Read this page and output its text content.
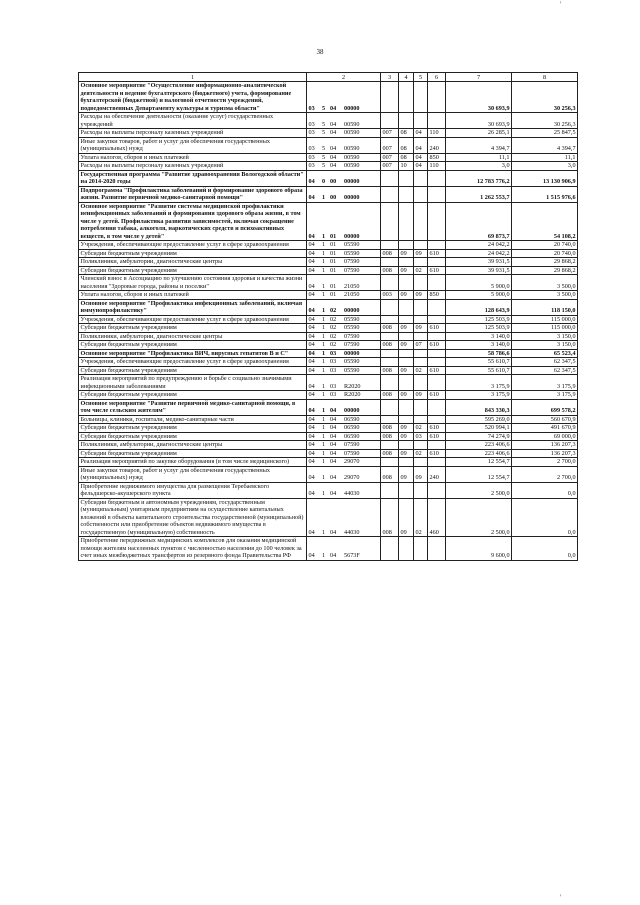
'
38
1	2				3	4	5	6	7	8
Основное мероприятие "Осуществление информационно-аналитической деятельности и ведение бухгалтерского (бюджетного) учета, формирование бухгалтерской (бюджетной) и налоговой отчетности учреждений, подведомственных Департаменту культуры и туризма области"	03	5	04	00000					30 693,9	30 256,3
Расходы на обеспечение деятельности (оказание услуг) государственных учреждений	03	5	04	00590					30 693,9	30 256,3
Расходы на выплаты персоналу казенных учреждений	03	5	04	00590	007	08	04	110	26 285,1	25 847,5
Иные закупки товаров, работ и услуг для обеспечения государственных (муниципальных) нужд	03	5	04	00590	007	08	04	240	4 394,7	4 394,7
Уплата налогов, сборов и иных платежей	03	5	04	00590	007	08	04	850	11,1	11,1
Расходы на выплаты персоналу казенных учреждений	03	5	04	00590	007	10	04	110	3,0	3,0
Государственная программа "Развитие здравоохранения Вологодской области" на 2014-2020 годы	04	0	00	00000					12 783 776,2	13 130 906,9
Подпрограмма "Профилактика заболеваний и формирование здорового образа жизни. Развитие первичной медико-санитарной помощи"	04	1	00	00000					1 262 553,7	1 515 976,6
Основное мероприятие "Развитие системы медицинской профилактики неинфекционных заболеваний и формирования здорового образа жизни, в том числе у детей. Профилактика развития зависимостей, включая сокращение потребления табака, алкоголя, наркотических средств и психоактивных веществ, в том числе у детей"	04	1	01	00000					69 873,7	54 108,2
Учреждения, обеспечивающие предоставление услуг в сфере здравоохранения	04	1	01	05590					24 042,2	20 740,0
Субсидии бюджетным учреждениям	04	1	01	05590	008	09	09	610	24 042,2	20 740,0
Поликлиники, амбулатории, диагностические центры	04	1	01	07590					39 931,5	29 868,2
Субсидии бюджетным учреждениям	04	1	01	07590	008	09	02	610	39 931,5	29 868,2
Членский взнос в Ассоциацию по улучшению состояния здоровья и качества жизни населения "Здоровые города, районы и поселки"	04	1	01	21050					5 900,0	3 500,0
Уплата налогов, сборов и иных платежей	04	1	01	21050	003	09	09	850	5 900,0	3 500,0
Основное мероприятие "Профилактика инфекционных заболеваний, включая иммунопрофилактику"	04	1	02	00000					128 643,9	118 150,0
Учреждения, обеспечивающие предоставление услуг в сфере здравоохранения	04	1	02	05590					125 503,9	115 000,0
Субсидии бюджетным учреждениям	04	1	02	05590	008	09	09	610	125 503,9	115 000,0
Поликлиники, амбулатории, диагностические центры	04	1	02	07590					3 140,0	3 150,0
Субсидии бюджетным учреждениям	04	1	02	07590	008	09	07	610	3 140,0	3 150,0
Основное мероприятие "Профилактика ВИЧ, вирусных гепатитов В и С"	04	1	03	00000					58 786,6	65 523,4
Учреждения, обеспечивающие предоставление услуг в сфере здравоохранения	04	1	03	05590					55 610,7	62 347,5
Субсидии бюджетным учреждениям	04	1	03	05590	008	09	02	610	55 610,7	62 347,5
Реализация мероприятий по предупреждению и борьбе с социально значимыми инфекционными заболеваниями	04	1	03	R2020					3 175,9	3 175,9
Субсидии бюджетным учреждениям	04	1	03	R2020	008	09	09	610	3 175,9	3 175,9
Основное мероприятие "Развитие первичной медико-санитарной помощи, в том числе сельским жителям"	04	1	04	00000					843 330,3	699 578,2
Больницы, клиники, госпитали, медико-санитарные части	04	1	04	06590					595 269,0	560 670,9
Субсидии бюджетным учреждениям	04	1	04	06590	008	09	02	610	520 994,1	491 670,9
Субсидии бюджетным учреждениям	04	1	04	06590	008	09	03	610	74 274,9	69 000,0
Поликлиники, амбулатории, диагностические центры	04	1	04	07590					223 406,6	136 207,3
Субсидии бюджетным учреждениям	04	1	04	07590	008	09	02	610	223 406,6	136 207,3
Реализация мероприятий по закупке оборудования (в том числе медицинского)	04	1	04	29070					12 554,7	2 700,0
Иные закупки товаров, работ и услуг для обеспечения государственных (муниципальных) нужд	04	1	04	29070	008	09	09	240	12 554,7	2 700,0
Приобретение недвижимого имущества для размещения Теребаевского фельдшерско-акушерского пункта	04	1	04	44030					2 500,0	0,0
Субсидии бюджетным и автономным учреждениям, государственным (муниципальным) унитарным предприятиям на осуществление капитальных вложений в объекты капитального строительства государственной (муниципальной) собственности или приобретение объектов недвижимого имущества в государственную (муниципальную) собственность	04	1	04	44030	008	09	02	460	2 500,0	0,0
Приобретение передвижных медицинских комплексов для оказания медицинской помощи жителям населенных пунктов с численностью населения до 100 человек за счет иных межбюджетных трансфертов из резервного фонда Правительства РФ	04	1	04	5673F					9 600,0	0,0
'
